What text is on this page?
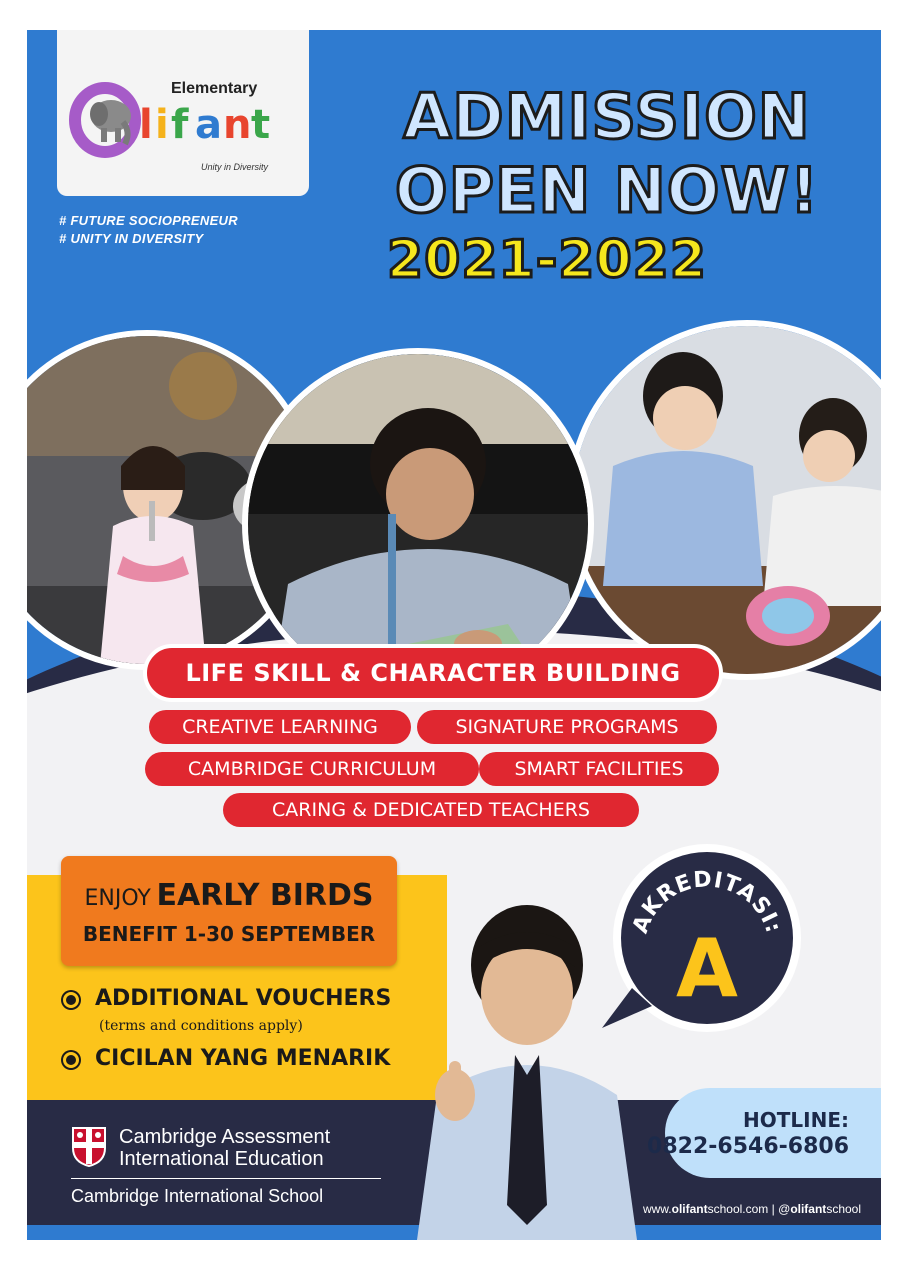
Elementary
l i f a n t
Unity in Diversity
# FUTURE SOCIOPRENEUR
# UNITY IN DIVERSITY
ADMISSION
OPEN NOW!
2021-2022
LIFE SKILL & CHARACTER BUILDING
CREATIVE LEARNING	SIGNATURE PROGRAMS
CAMBRIDGE CURRICULUM	SMART FACILITIES
CARING & DEDICATED TEACHERS
ENJOY EARLY BIRDS
BENEFIT 1-30 SEPTEMBER
ADDITIONAL VOUCHERS
(terms and conditions apply)
CICILAN YANG MENARIK
Cambridge Assessment
International Education
Cambridge International School
HOTLINE:
0822-6546-6806
www.olifantschool.com | @olifantschool
AKREDITASI:
A
